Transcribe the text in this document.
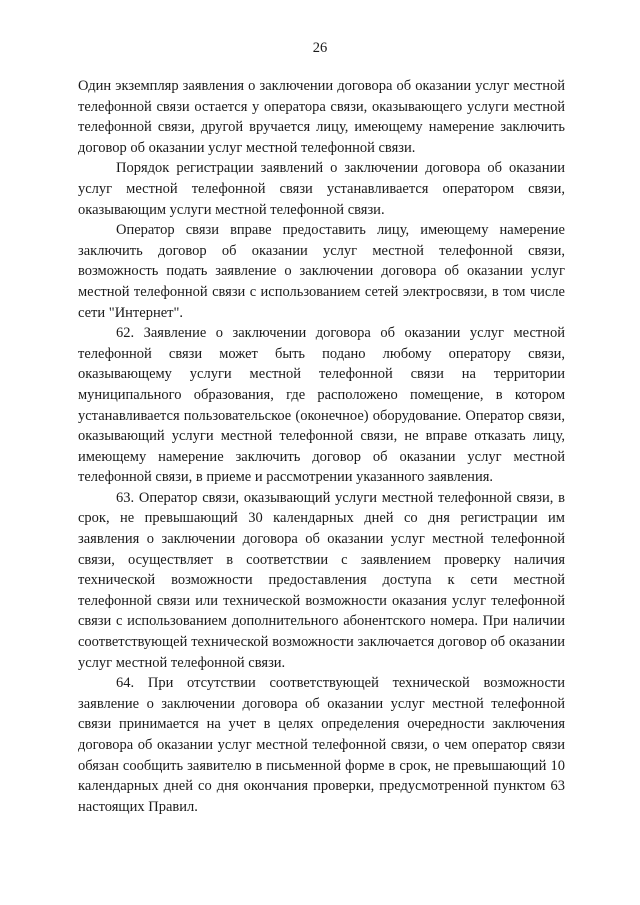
26

Один экземпляр заявления о заключении договора об оказании услуг местной телефонной связи остается у оператора связи, оказывающего услуги местной телефонной связи, другой вручается лицу, имеющему намерение заключить договор об оказании услуг местной телефонной связи.

Порядок регистрации заявлений о заключении договора об оказании услуг местной телефонной связи устанавливается оператором связи, оказывающим услуги местной телефонной связи.

Оператор связи вправе предоставить лицу, имеющему намерение заключить договор об оказании услуг местной телефонной связи, возможность подать заявление о заключении договора об оказании услуг местной телефонной связи с использованием сетей электросвязи, в том числе сети "Интернет".

62. Заявление о заключении договора об оказании услуг местной телефонной связи может быть подано любому оператору связи, оказывающему услуги местной телефонной связи на территории муниципального образования, где расположено помещение, в котором устанавливается пользовательское (оконечное) оборудование. Оператор связи, оказывающий услуги местной телефонной связи, не вправе отказать лицу, имеющему намерение заключить договор об оказании услуг местной телефонной связи, в приеме и рассмотрении указанного заявления.

63. Оператор связи, оказывающий услуги местной телефонной связи, в срок, не превышающий 30 календарных дней со дня регистрации им заявления о заключении договора об оказании услуг местной телефонной связи, осуществляет в соответствии с заявлением проверку наличия технической возможности предоставления доступа к сети местной телефонной связи или технической возможности оказания услуг телефонной связи с использованием дополнительного абонентского номера. При наличии соответствующей технической возможности заключается договор об оказании услуг местной телефонной связи.

64. При отсутствии соответствующей технической возможности заявление о заключении договора об оказании услуг местной телефонной связи принимается на учет в целях определения очередности заключения договора об оказании услуг местной телефонной связи, о чем оператор связи обязан сообщить заявителю в письменной форме в срок, не превышающий 10 календарных дней со дня окончания проверки, предусмотренной пунктом 63 настоящих Правил.
